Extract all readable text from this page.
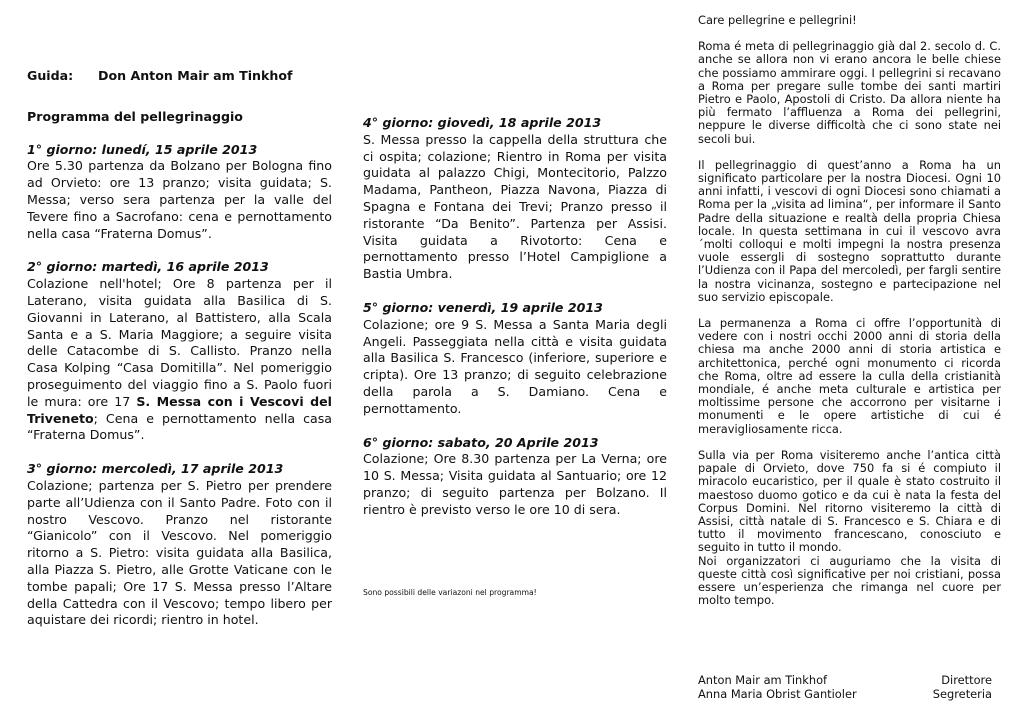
Guida: Don Anton Mair am Tinkhof

Programma del pellegrinaggio

1° giorno: lunedí, 15 aprile 2013

Ore 5.30 partenza da Bolzano per Bologna fino ad Orvieto: ore 13 pranzo; visita guidata; S. Messa; verso sera partenza per la valle del Tevere fino a Sacrofano: cena e pernottamento nella casa “Fraterna Domus”.

2° giorno: martedì, 16 aprile 2013

Colazione nell'hotel; Ore 8 partenza per il Laterano, visita guidata alla Basilica di S. Giovanni in Laterano, al Battistero, alla Scala Santa e a S. Maria Maggiore; a seguire visita delle Catacombe di S. Callisto. Pranzo nella Casa Kolping “Casa Domitilla”. Nel pomeriggio proseguimento del viaggio fino a S. Paolo fuori le mura: ore 17 S. Messa con i Vescovi del Triveneto; Cena e pernottamento nella casa “Fraterna Domus”.

3° giorno: mercoledì, 17 aprile 2013

Colazione; partenza per S. Pietro per prendere parte all’Udienza con il Santo Padre. Foto con il nostro Vescovo. Pranzo nel ristorante “Gianicolo” con il Vescovo. Nel pomeriggio ritorno a S. Pietro: visita guidata alla Basilica, alla Piazza S. Pietro, alle Grotte Vaticane con le tombe papali; Ore 17 S. Messa presso l’Altare della Cattedra con il Vescovo; tempo libero per aquistare dei ricordi; rientro in hotel.

4° giorno: giovedì, 18 aprile 2013

S. Messa presso la cappella della struttura che ci ospita; colazione; Rientro in Roma per visita guidata al palazzo Chigi, Montecitorio, Palzzo Madama, Pantheon, Piazza Navona, Piazza di Spagna e Fontana dei Trevi; Pranzo presso il ristorante “Da Benito”. Partenza per Assisi. Visita guidata a Rivotorto: Cena e pernottamento presso l’Hotel Campiglione a Bastia Umbra.

5° giorno: venerdì, 19 aprile 2013

Colazione; ore 9 S. Messa a Santa Maria degli Angeli. Passeggiata nella città e visita guidata alla Basilica S. Francesco (inferiore, superiore e cripta). Ore 13 pranzo; di seguito celebrazione della parola a S. Damiano. Cena e pernottamento.

6° giorno: sabato, 20 Aprile 2013

Colazione; Ore 8.30 partenza per La Verna; ore 10 S. Messa; Visita guidata al Santuario; ore 12 pranzo; di seguito partenza per Bolzano. Il rientro è previsto verso le ore 10 di sera.

Sono possibili delle variazoni nel programma!

Care pellegrine e pellegrini!

Roma é meta di pellegrinaggio già dal 2. secolo d. C. anche se allora non vi erano ancora le belle chiese che possiamo ammirare oggi. I pellegrini si recavano a Roma per pregare sulle tombe dei santi martiri Pietro e Paolo, Apostoli di Cristo. Da allora niente ha più fermato l’affluenza a Roma dei pellegrini, neppure le diverse difficoltà che ci sono state nei secoli bui.

Il pellegrinaggio di quest’anno a Roma ha un significato particolare per la nostra Diocesi. Ogni 10 anni infatti, i vescovi di ogni Diocesi sono chiamati a Roma per la „visita ad limina“, per informare il Santo Padre della situazione e realtà della propria Chiesa locale. In questa settimana in cui il vescovo avra´molti colloqui e molti impegni la nostra presenza vuole essergli di sostegno soprattutto durante l’Udienza con il Papa del mercoledì, per fargli sentire la nostra vicinanza, sostegno e partecipazione nel suo servizio episcopale.

La permanenza a Roma ci offre l’opportunità di vedere con i nostri occhi 2000 anni di storia della chiesa ma anche 2000 anni di storia artistica e architettonica, perché ogni monumento ci ricorda che Roma, oltre ad essere la culla della cristianità mondiale, é anche meta culturale e artistica per moltissime persone che accorrono per visitarne i monumenti e le opere artistiche di cui é meravigliosamente ricca.

Sulla via per Roma visiteremo anche l’antica città papale di Orvieto, dove 750 fa si é compiuto il miracolo eucaristico, per il quale è stato costruito il maestoso duomo gotico e da cui è nata la festa del Corpus Domini. Nel ritorno visiteremo la città di Assisi, città natale di S. Francesco e S. Chiara e di tutto il movimento francescano, conosciuto e seguito in tutto il mondo.

Noi organizzatori ci auguriamo che la visita di queste città così significative per noi cristiani, possa essere un’esperienza che rimanga nel cuore per molto tempo.

Anton Mair am Tinkhof	Direttore
Anna Maria Obrist Gantioler	Segreteria
